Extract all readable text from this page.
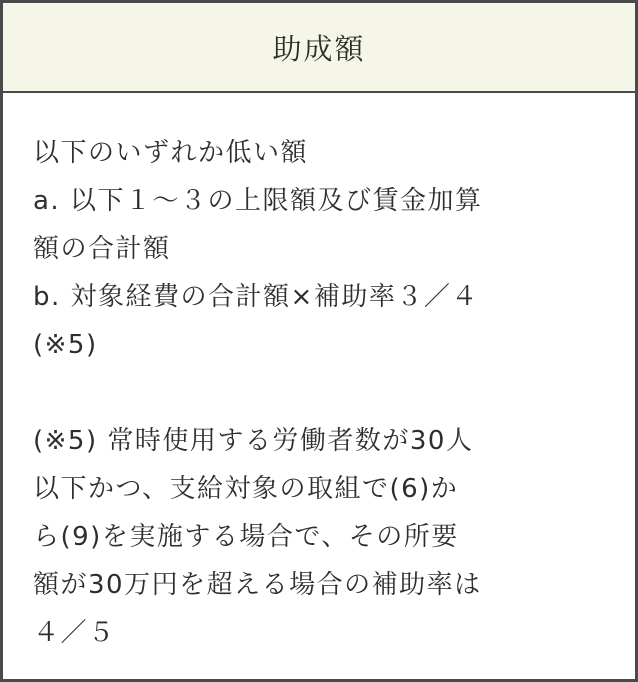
助成額
以下のいずれか低い額
a. 以下１～３の上限額及び賃金加算
額の合計額
b. 対象経費の合計額×補助率３／４
(※5)
(※5) 常時使用する労働者数が30人
以下かつ、支給対象の取組で(6)か
ら(9)を実施する場合で、その所要
額が30万円を超える場合の補助率は
４／５
